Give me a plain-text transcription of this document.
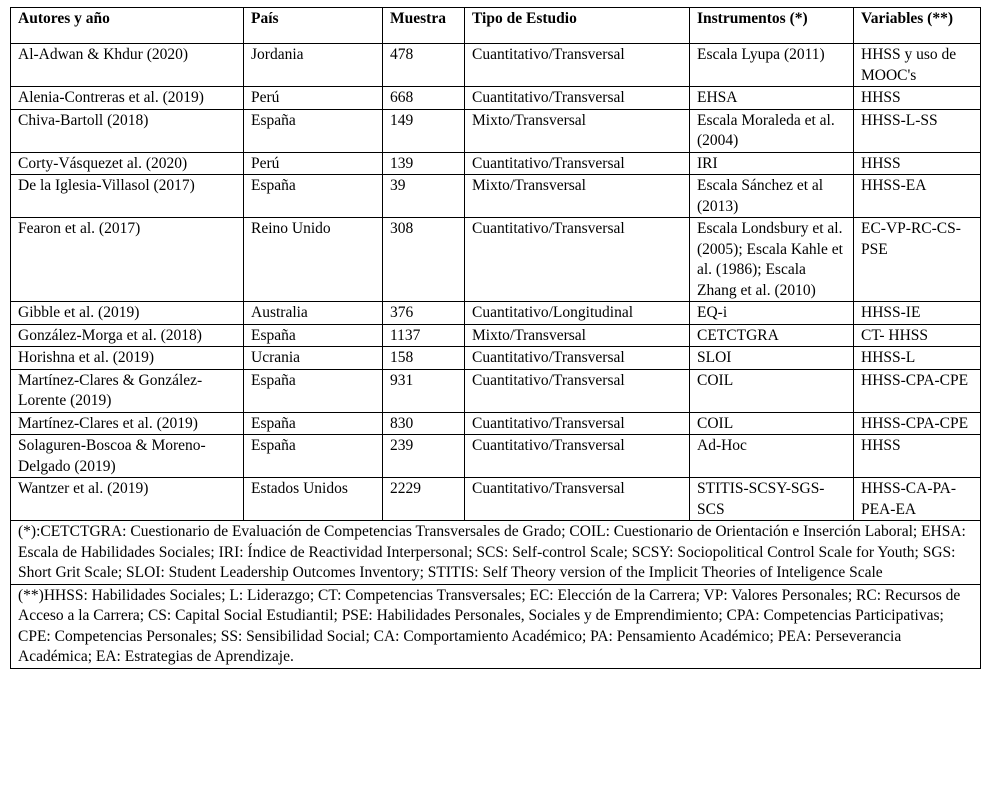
Autores y año	País	Muestra	Tipo de Estudio	Instrumentos (*)	Variables (**)
Al-Adwan & Khdur (2020)	Jordania	478	Cuantitativo/Transversal	Escala Lyupa (2011)	HHSS y uso de MOOC's
Alenia-Contreras et al. (2019)	Perú	668	Cuantitativo/Transversal	EHSA	HHSS
Chiva-Bartoll (2018)	España	149	Mixto/Transversal	Escala Moraleda et al. (2004)	HHSS-L-SS
Corty-Vásquezet al. (2020)	Perú	139	Cuantitativo/Transversal	IRI	HHSS
De la Iglesia-Villasol (2017)	España	39	Mixto/Transversal	Escala Sánchez et al (2013)	HHSS-EA
Fearon et al. (2017)	Reino Unido	308	Cuantitativo/Transversal	Escala Londsbury et al. (2005); Escala Kahle et al. (1986); Escala Zhang et al. (2010)	EC-VP-RC-CS-PSE
Gibble et al. (2019)	Australia	376	Cuantitativo/Longitudinal	EQ-i	HHSS-IE
González-Morga et al. (2018)	España	1137	Mixto/Transversal	CETCTGRA	CT- HHSS
Horishna et al. (2019)	Ucrania	158	Cuantitativo/Transversal	SLOI	HHSS-L
Martínez-Clares & González-Lorente (2019)	España	931	Cuantitativo/Transversal	COIL	HHSS-CPA-CPE
Martínez-Clares et al. (2019)	España	830	Cuantitativo/Transversal	COIL	HHSS-CPA-CPE
Solaguren-Boscoa & Moreno-Delgado (2019)	España	239	Cuantitativo/Transversal	Ad-Hoc	HHSS
Wantzer et al. (2019)	Estados Unidos	2229	Cuantitativo/Transversal	STITIS-SCSY-SGS-SCS	HHSS-CA-PA-PEA-EA
(*):CETCTGRA: Cuestionario de Evaluación de Competencias Transversales de Grado; COIL: Cuestionario de Orientación e Inserción Laboral; EHSA: Escala de Habilidades Sociales; IRI: Índice de Reactividad Interpersonal; SCS: Self-control Scale; SCSY: Sociopolitical Control Scale for Youth; SGS: Short Grit Scale; SLOI: Student Leadership Outcomes Inventory; STITIS: Self Theory version of the Implicit Theories of Inteligence Scale					
(**)HHSS: Habilidades Sociales; L: Liderazgo; CT: Competencias Transversales; EC: Elección de la Carrera; VP: Valores Personales; RC: Recursos de Acceso a la Carrera; CS: Capital Social Estudiantil; PSE: Habilidades Personales, Sociales y de Emprendimiento; CPA: Competencias Participativas; CPE: Competencias Personales; SS: Sensibilidad Social; CA: Comportamiento Académico; PA: Pensamiento Académico; PEA: Perseverancia Académica; EA: Estrategias de Aprendizaje.					
